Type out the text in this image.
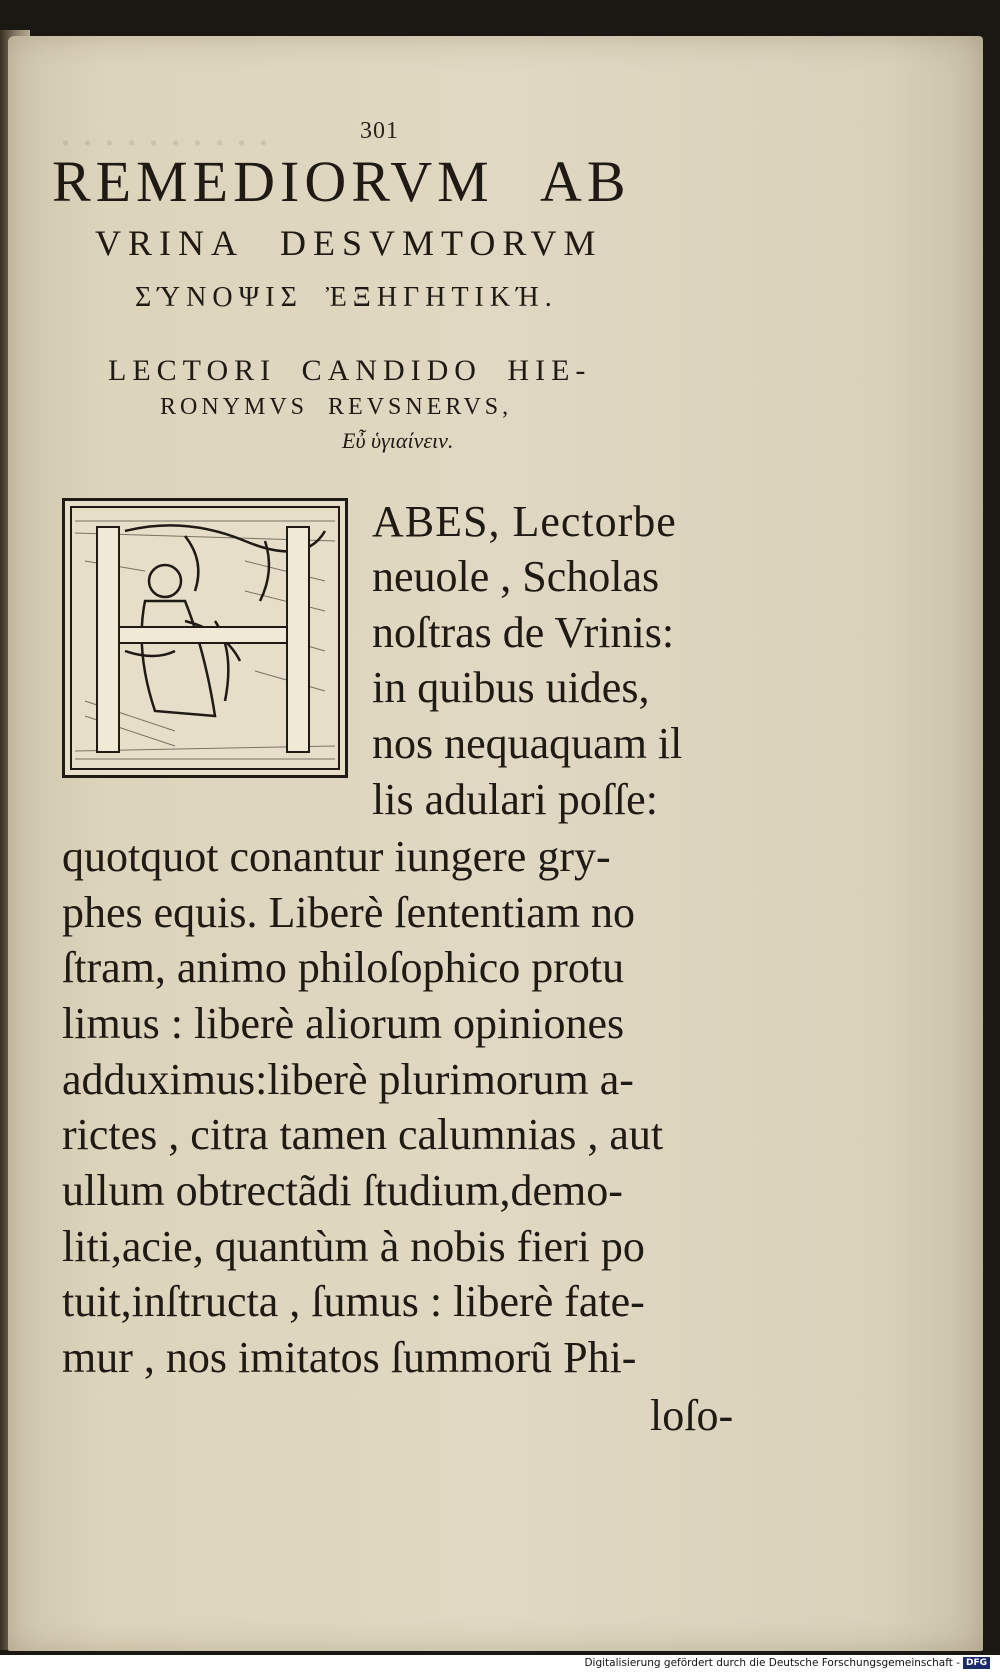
. . . . . . . . . .	301
REMEDIORVM AB
VRINA DESVMTORVM
ΣΎΝΟΨΙΣ ἘΞΗΓΗΤΙΚΉ.
LECTORI CANDIDO HIE-
RONYMVS REVSNERVS,
Εὖ ὑγιαίνειν.
ABES, Lectorbe
neuole , Scholas
noſtras de Vrinis:
in quibus uides,
nos nequaquam il
lis adulari poſſe:
quotquot conantur iungere gry-
phes equis. Liberè ſententiam no
ſtram, animo philoſophico protu
limus : liberè aliorum opiniones
adduximus:liberè plurimorum a-
rictes , citra tamen calumnias , aut
ullum obtrectãdi ſtudium,demo-
liti,acie, quantùm à nobis fieri po
tuit,inſtructa , ſumus : liberè fate-
mur , nos imitatos ſummorũ Phi-
loſo-
Digitalisierung gefördert durch die Deutsche Forschungsgemeinschaft - DFG
